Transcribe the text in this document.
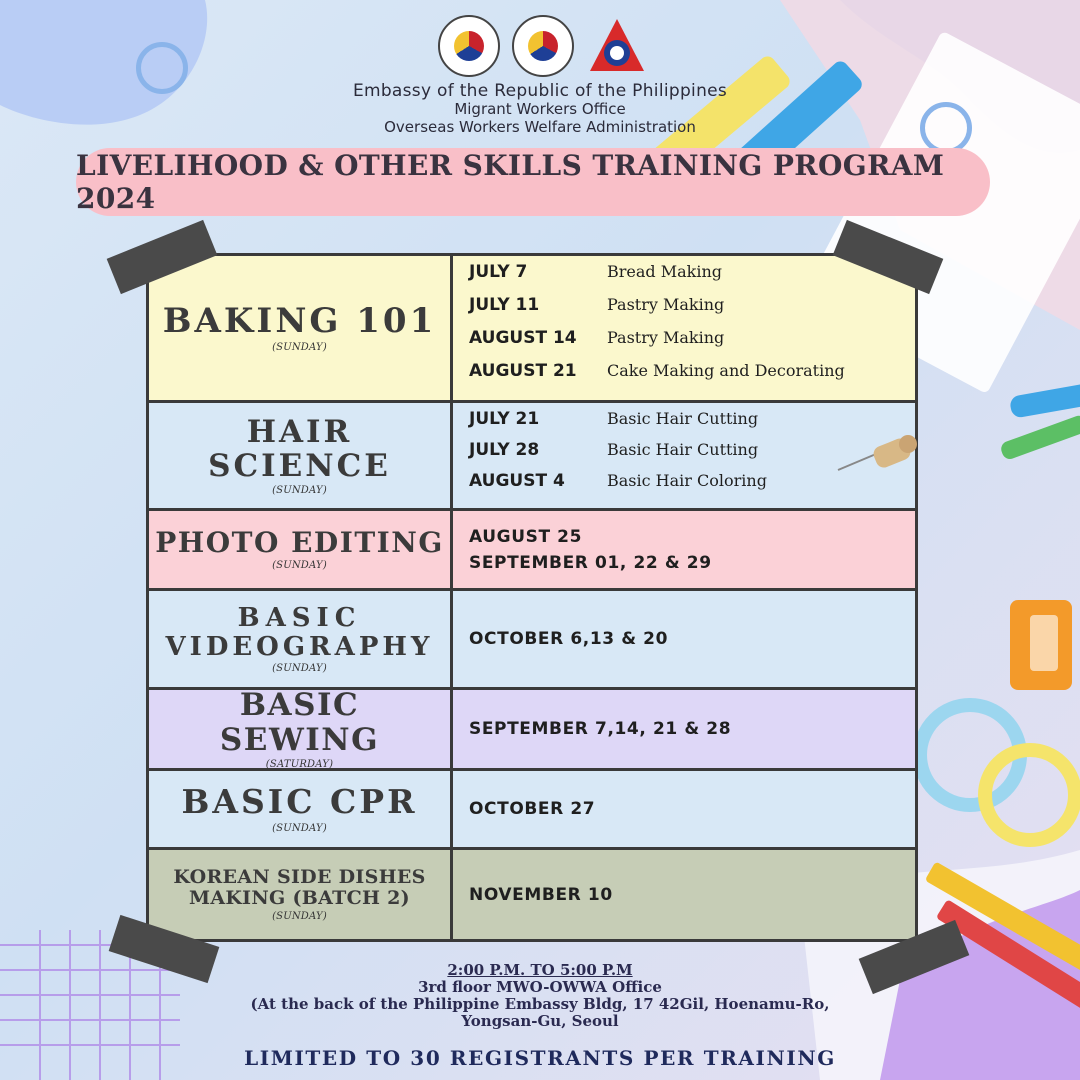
Embassy of the Republic of the Philippines
Migrant Workers Office
Overseas Workers Welfare Administration
LIVELIHOOD & OTHER SKILLS TRAINING PROGRAM 2024
BAKING 101
(SUNDAY)
JULY 7	Bread Making
JULY 11	Pastry Making
AUGUST 14	Pastry Making
AUGUST 21	Cake Making and Decorating
HAIR SCIENCE
(SUNDAY)
JULY 21	Basic Hair Cutting
JULY 28	Basic Hair Cutting
AUGUST 4	Basic Hair Coloring
PHOTO EDITING
(SUNDAY)
AUGUST 25
SEPTEMBER 01, 22 & 29
BASIC
VIDEOGRAPHY
(SUNDAY)
OCTOBER 6,13 & 20
BASIC SEWING
(SATURDAY)
SEPTEMBER 7,14, 21 & 28
BASIC CPR
(SUNDAY)
OCTOBER 27
KOREAN SIDE DISHES
MAKING (BATCH 2)
(SUNDAY)
NOVEMBER 10
2:00 P.M. TO 5:00 P.M
3rd floor MWO-OWWA Office
(At the back of the Philippine Embassy Bldg, 17 42Gil, Hoenamu-Ro,
Yongsan-Gu, Seoul
LIMITED TO 30 REGISTRANTS PER TRAINING
